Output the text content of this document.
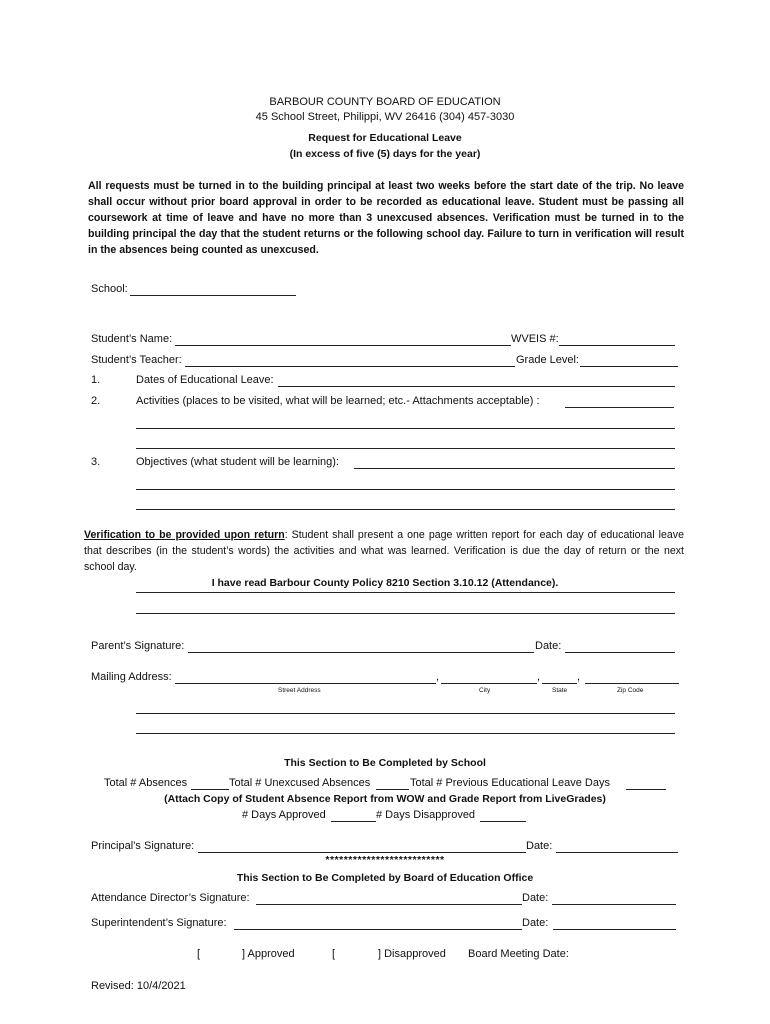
BARBOUR COUNTY BOARD OF EDUCATION
45 School Street, Philippi, WV 26416 (304) 457-3030
Request for Educational Leave
(In excess of five (5) days for the year)
All requests must be turned in to the building principal at least two weeks before the start date of the trip. No leave shall occur without prior board approval in order to be recorded as educational leave. Student must be passing all coursework at time of leave and have no more than 3 unexcused absences. Verification must be turned in to the building principal the day that the student returns or the following school day. Failure to turn in verification will result in the absences being counted as unexcused.
School:
Student’s Name:	WVEIS #:
Student’s Teacher:	Grade Level:
1.	Dates of Educational Leave:
2.	Activities (places to be visited, what will be learned; etc.- Attachments acceptable) :
3.	Objectives (what student will be learning):
Verification to be provided upon return: Student shall present a one page written report for each day of educational leave that describes (in the student’s words) the activities and what was learned. Verification is due the day of return or the next school day.
I have read Barbour County Policy 8210 Section 3.10.12 (Attendance).
Parent’s Signature:	Date:
Mailing Address:	,	,	,
Street Address	City	State	Zip Code
This Section to Be Completed by School
Total # Absences	Total # Unexcused Absences	Total # Previous Educational Leave Days
(Attach Copy of Student Absence Report from WOW and Grade Report from LiveGrades)
# Days Approved	# Days Disapproved
Principal’s Signature:	Date:
**************************
This Section to Be Completed by Board of Education Office
Attendance Director’s Signature:	Date:
Superintendent’s Signature:	Date:
[	] Approved	[	] Disapproved Board Meeting Date:
Revised: 10/4/2021
